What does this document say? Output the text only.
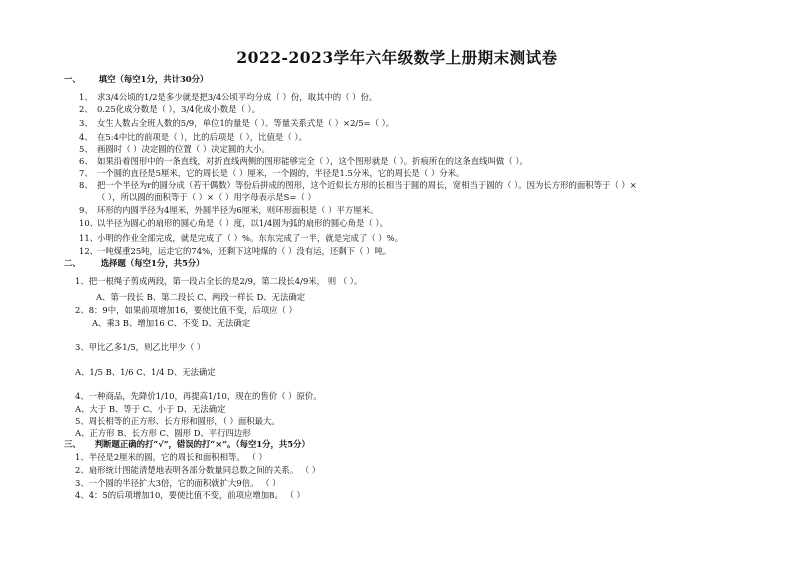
2022-2023学年六年级数学上册期末测试卷
一、 填空（每空1分，共计30分）
1、 求3/4公顷的1/2是多少就是把3/4公顷平均分成（ ）份，取其中的（ ）份。
2、 0.25化成分数是（ ），3/4化成小数是（ ）。
3、 女生人数占全班人数的5/9，单位1的量是（ ）。等量关系式是（ ）×2/5=（ ）。
4、 在5:4中比的前项是（ ），比的后项是（ ），比值是（ ）。
5、 画圆时（ ）决定圆的位置（ ）决定圆的大小。
6、 如果沿着图形中的一条直线，对折直线两侧的图形能够完全（ ），这个图形就是（ ）。折痕所在的这条直线叫做（ ）。
7、 一个圆的直径是5厘米，它的周长是（ ）厘米，一个圆的，半径是1.5分米，它的周长是（ ）分米。
8、 把一个半径为r的圆分成（若干偶数）等份后拼成的图形，这个近似长方形的长相当于圆的周长，宽相当于圆的（ ）。因为长方形的面积等于（ ）×
（ ），所以圆的面积等于（ ）×（ ）用字母表示是S=（ ）
9、 环形的内圆半径为4厘米，外圆半径为6厘米，则环形面积是（ ）平方厘米。
10、以半径为圆心的扇形的圆心角是（ ）度，以1/4圆为弧的扇形的圆心角是（ ）。
11、小明的作业全部完成，就是完成了（ ）%。东东完成了一半，就是完成了（ ）%。
12、一吨煤重25吨，运走它的74%，还剩下这吨煤的（ ）没有运，还剩下（ ）吨。
二、 选择题（每空1分，共5分）
1、把一根绳子剪成两段，第一段占全长的是2/9，第二段长4/9米， 则 （ ）。
A、第一段长 B、第二段长 C、两段一样长 D、无法确定
2、8：9中，如果前项增加16，要使比值不变，后项应（ ）
A、乘3 B、增加16 C、不变 D、无法确定
3、甲比乙多1/5，则乙比甲少（ ）
A、1/5 B、1/6 C、1/4 D、无法确定
4、一种商品，先降价1/10，再提高1/10，现在的售价（ ）原价。
A、大于 B、等于 C、小于 D、无法确定
5、周长相等的正方形、长方形和圆形，（ ）面积最大。
A、正方形 B、长方形 C、圆形 D、平行四边形
三、 判断题正确的打“√”，错误的打“×”。（每空1分，共5分）
1、半径是2厘米的圆，它的周长和面积相等。 （ ）
2、扇形统计图能清楚地表明各部分数量同总数之间的关系。 （ ）
3、一个圆的半径扩大3倍，它的面积就扩大9倍。 （ ）
4、4：5的后项增加10，要使比值不变，前项应增加8。 （ ）
